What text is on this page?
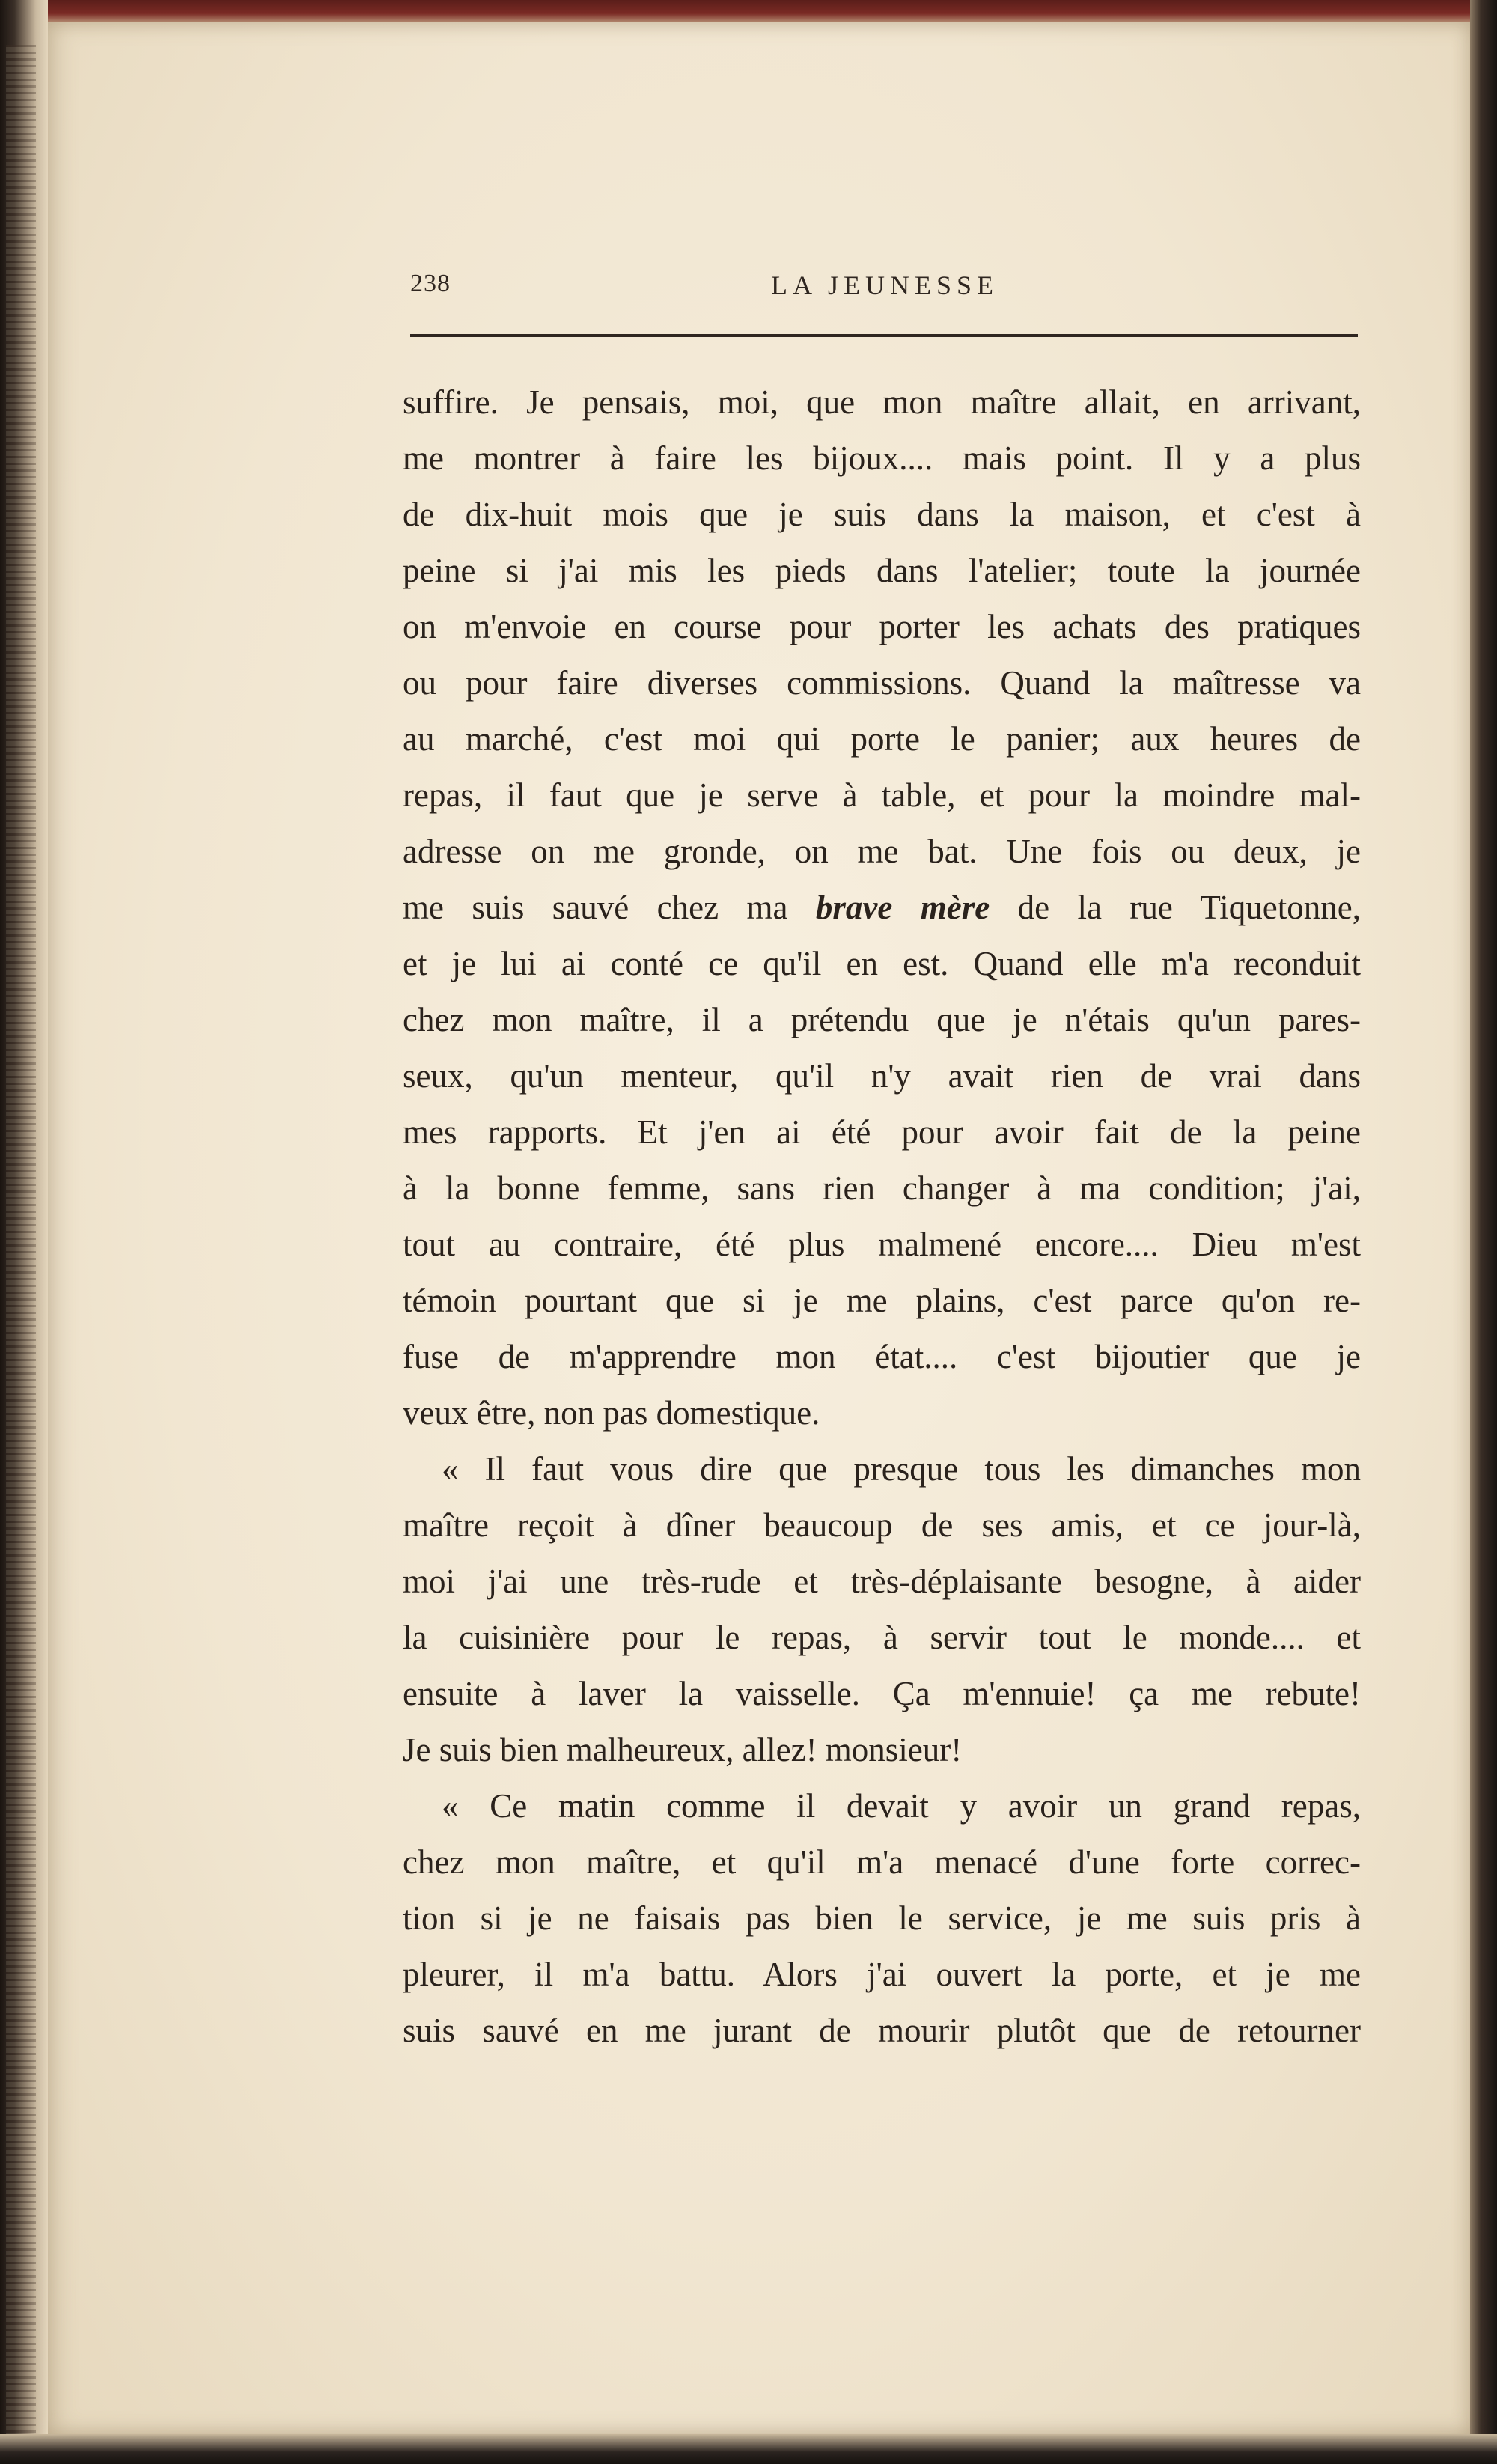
238	LA JEUNESSE
suffire. Je pensais, moi, que mon maître allait, en arrivant,
me montrer à faire les bijoux.... mais point. Il y a plus
de dix-huit mois que je suis dans la maison, et c'est à
peine si j'ai mis les pieds dans l'atelier; toute la journée
on m'envoie en course pour porter les achats des pratiques
ou pour faire diverses commissions. Quand la maîtresse va
au marché, c'est moi qui porte le panier; aux heures de
repas, il faut que je serve à table, et pour la moindre mal-
adresse on me gronde, on me bat. Une fois ou deux, je
me suis sauvé chez ma brave mère de la rue Tiquetonne,
et je lui ai conté ce qu'il en est. Quand elle m'a reconduit
chez mon maître, il a prétendu que je n'étais qu'un pares-
seux, qu'un menteur, qu'il n'y avait rien de vrai dans
mes rapports. Et j'en ai été pour avoir fait de la peine
à la bonne femme, sans rien changer à ma condition; j'ai,
tout au contraire, été plus malmené encore.... Dieu m'est
témoin pourtant que si je me plains, c'est parce qu'on re-
fuse de m'apprendre mon état.... c'est bijoutier que je
veux être, non pas domestique.
« Il faut vous dire que presque tous les dimanches mon
maître reçoit à dîner beaucoup de ses amis, et ce jour-là,
moi j'ai une très-rude et très-déplaisante besogne, à aider
la cuisinière pour le repas, à servir tout le monde.... et
ensuite à laver la vaisselle. Ça m'ennuie! ça me rebute!
Je suis bien malheureux, allez! monsieur!
« Ce matin comme il devait y avoir un grand repas,
chez mon maître, et qu'il m'a menacé d'une forte correc-
tion si je ne faisais pas bien le service, je me suis pris à
pleurer, il m'a battu. Alors j'ai ouvert la porte, et je me
suis sauvé en me jurant de mourir plutôt que de retourner
